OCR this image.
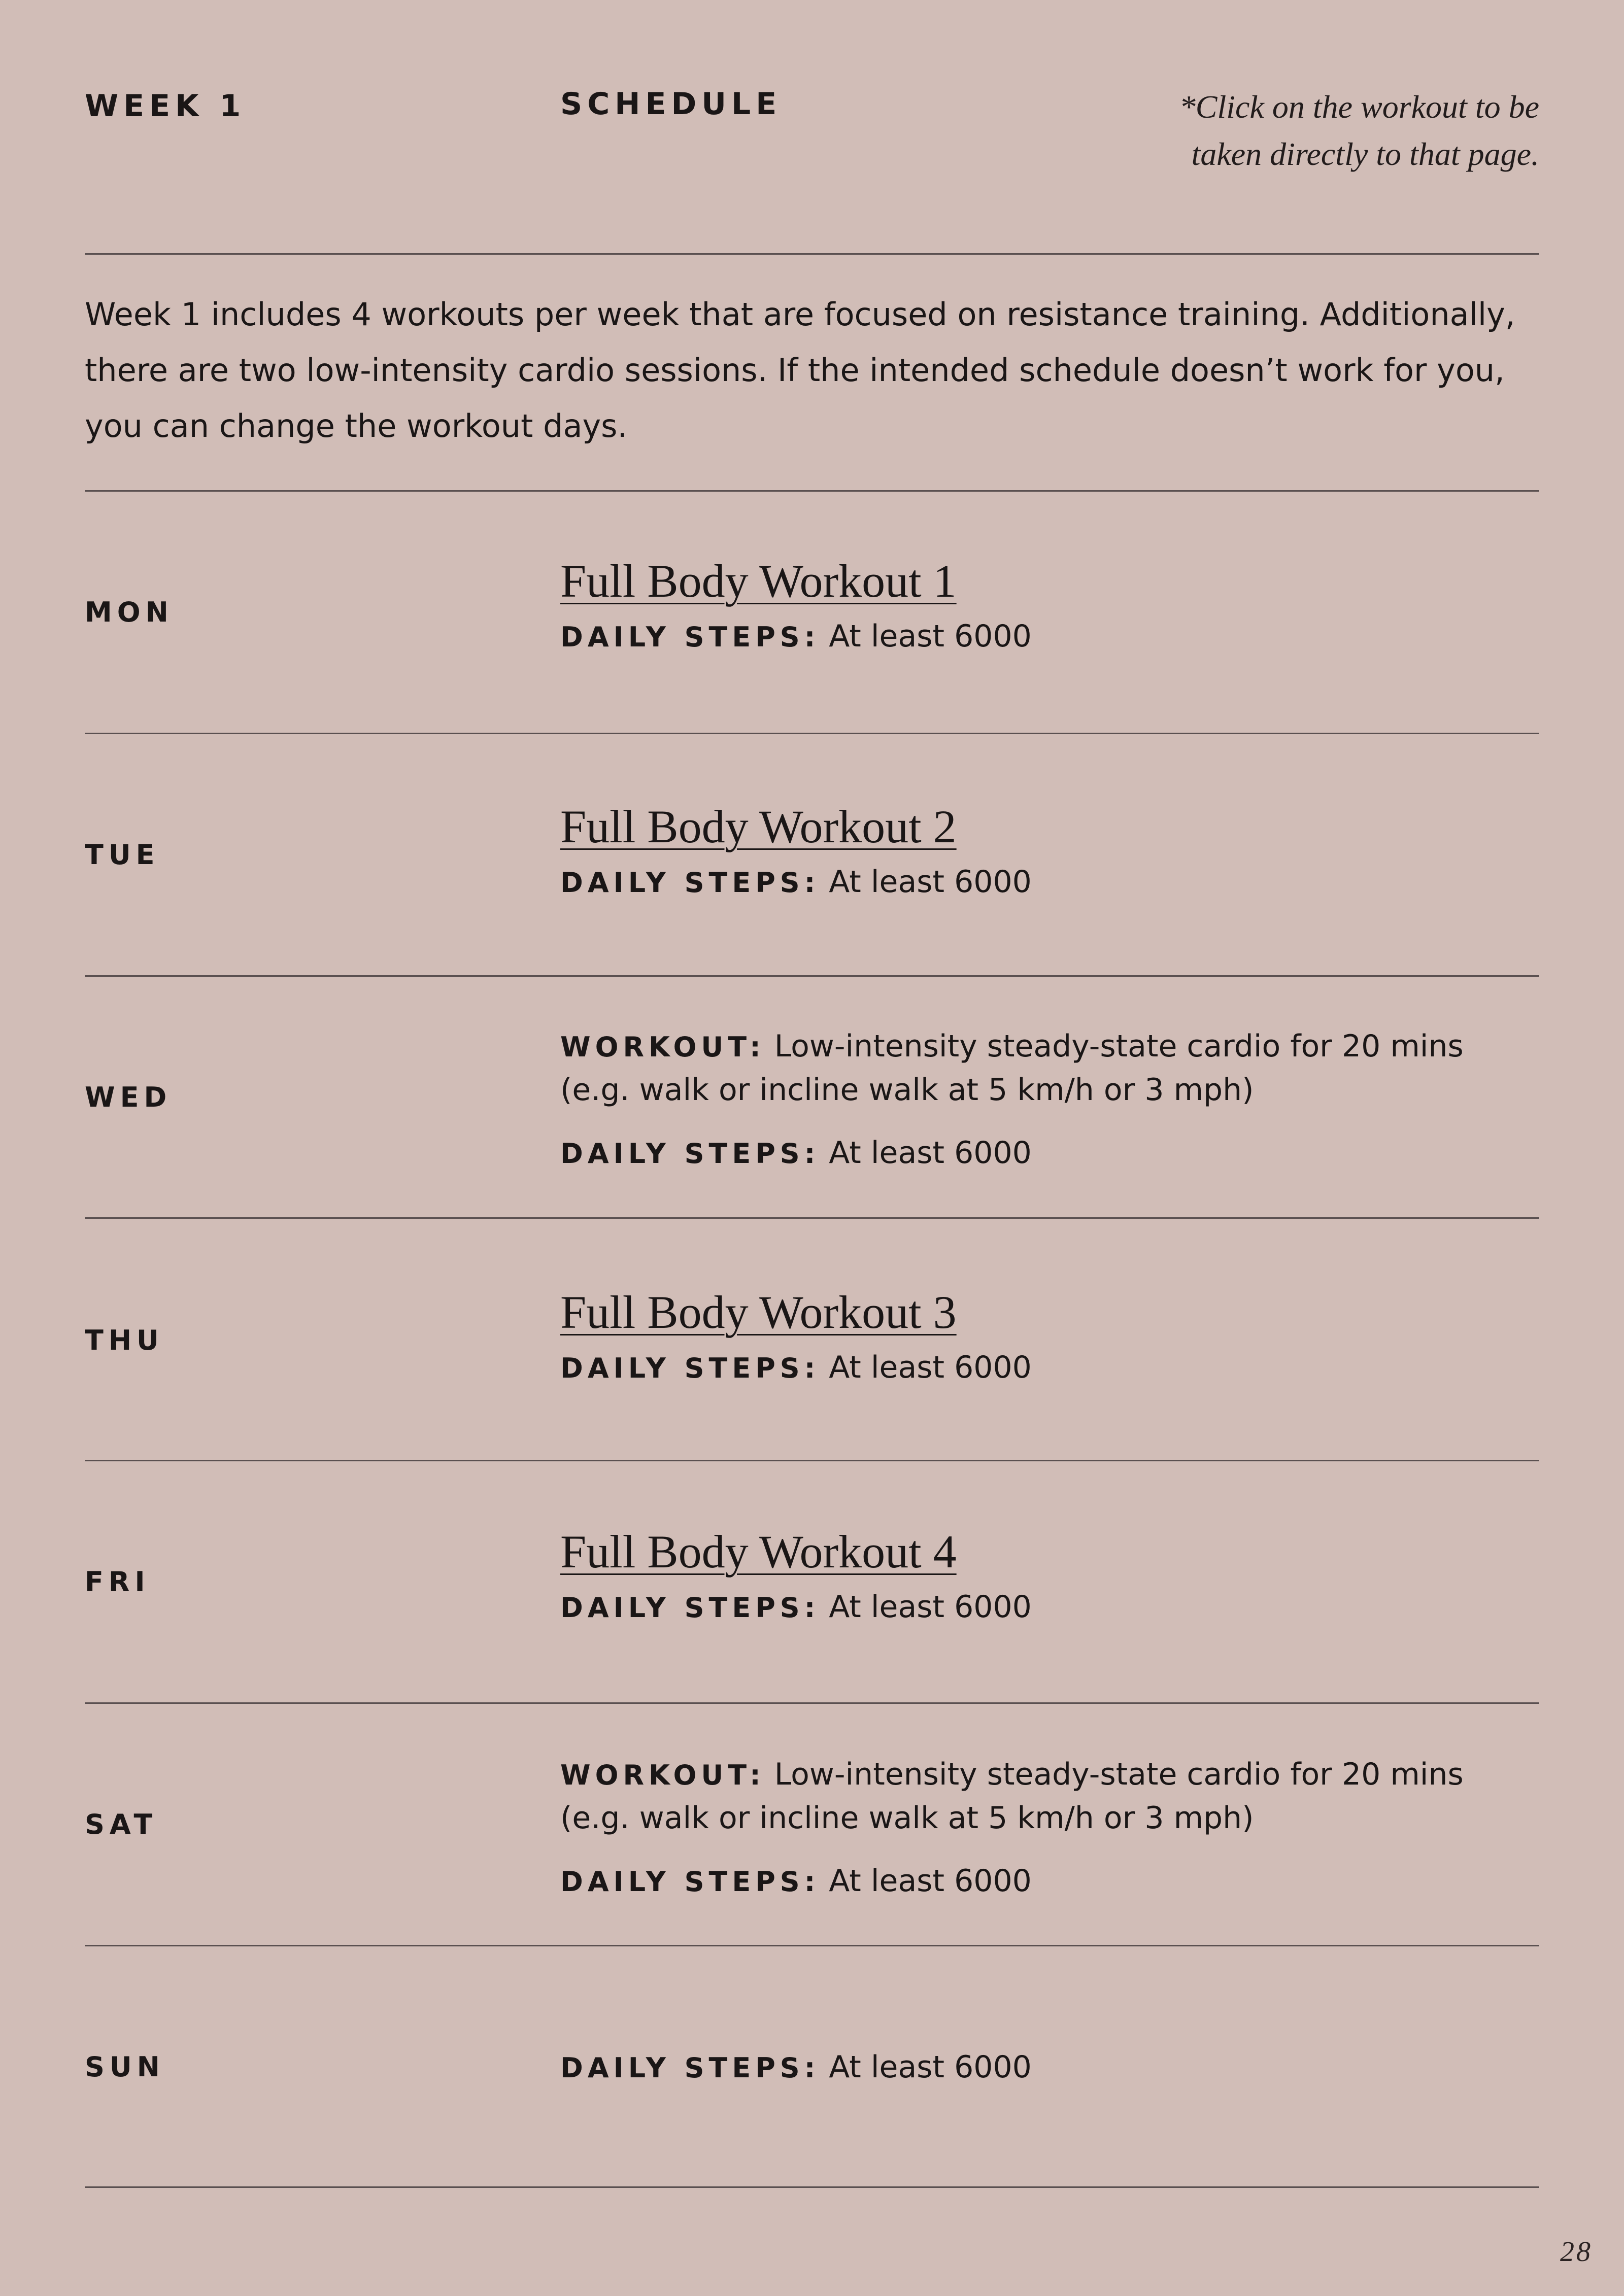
WEEK 1	SCHEDULE	*Click on the workout to be
taken directly to that page.
Week 1 includes 4 workouts per week that are focused on resistance training. Additionally,
there are two low-intensity cardio sessions. If the intended schedule doesn’t work for you,
you can change the workout days.
MON
Full Body Workout 1
DAILY STEPS: At least 6000
TUE
Full Body Workout 2
DAILY STEPS: At least 6000
WED
WORKOUT: Low-intensity steady-state cardio for 20 mins
(e.g. walk or incline walk at 5 km/h or 3 mph)
DAILY STEPS: At least 6000
THU
Full Body Workout 3
DAILY STEPS: At least 6000
FRI
Full Body Workout 4
DAILY STEPS: At least 6000
SAT
WORKOUT: Low-intensity steady-state cardio for 20 mins
(e.g. walk or incline walk at 5 km/h or 3 mph)
DAILY STEPS: At least 6000
SUN	DAILY STEPS: At least 6000
28
